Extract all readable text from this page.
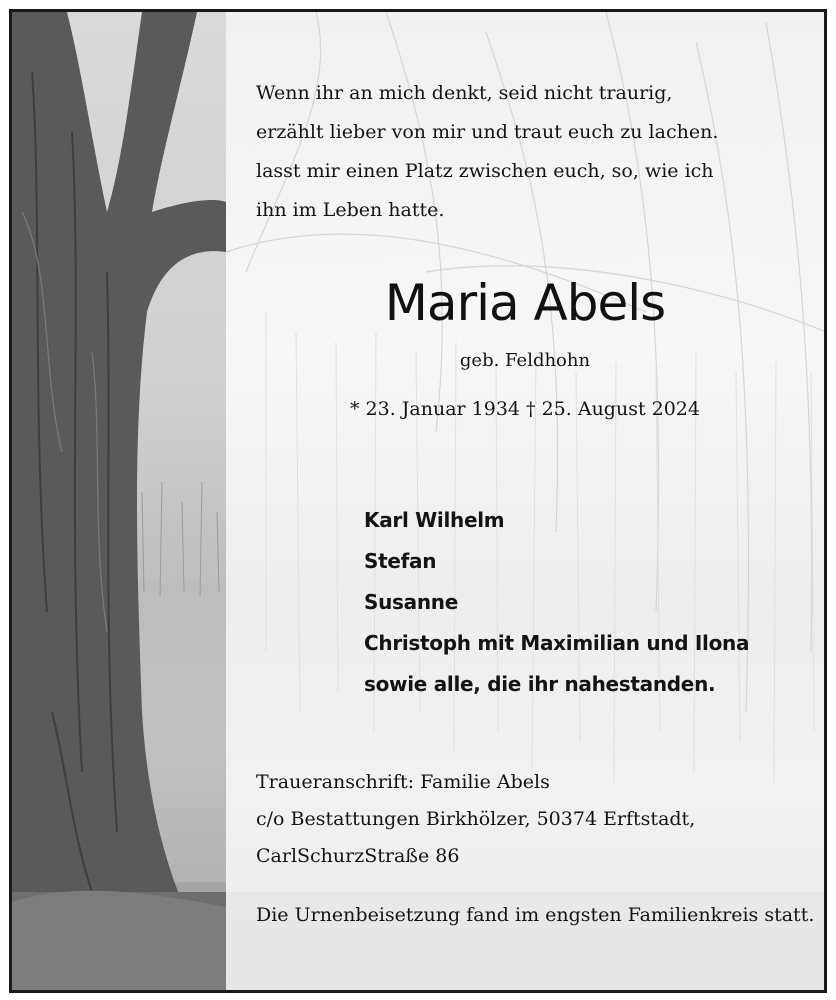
Wenn ihr an mich denkt, seid nicht traurig,
erzählt lieber von mir und traut euch zu lachen.
lasst mir einen Platz zwischen euch, so, wie ich
ihn im Leben hatte.
Maria Abels
geb. Feldhohn
* 23. Januar 1934 † 25. August 2024
Karl Wilhelm
Stefan
Susanne
Christoph mit Maximilian und Ilona
sowie alle, die ihr nahestanden.
Traueranschrift: Familie Abels
c/o Bestattungen Birkhölzer, 50374 Erftstadt,
CarlSchurzStraße 86
Die Urnenbeisetzung fand im engsten Familienkreis statt.
